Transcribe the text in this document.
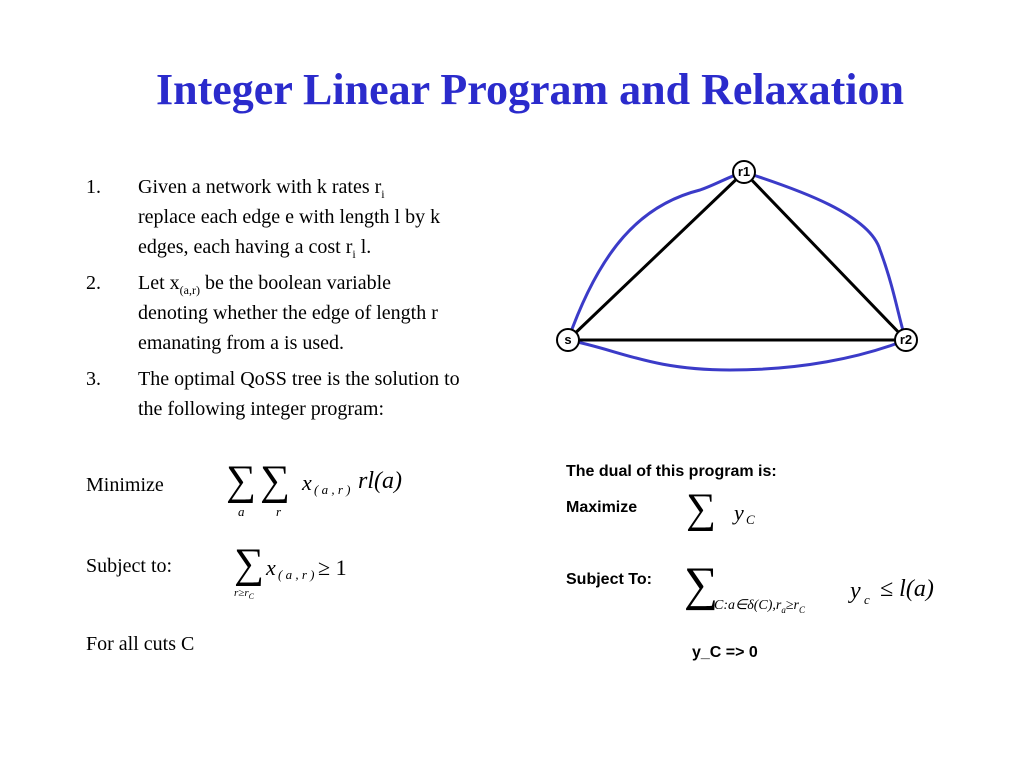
Integer Linear Program and Relaxation
1. Given a network with k rates $r_i$
replace each edge e with length l by k
edges, each having a cost $r_i$ l.
2. Let $x_{(a,r)}$ be the boolean variable
denoting whether the edge of length r
emanating from a is used.
3. The optimal QoSS tree is the solution to
the following integer program:
Minimize ∑ ∑
a r
x ( a , r ) rl(a)
Subject to: ∑
$r\ge r_C$
x ( a , r ) ≥ 1
For all cuts C
The dual of this program is:
Maximize ∑ y C
Subject To: ∑
$C:a\in\delta(C),r_a\ge r_C$
y c ≤ l(a)
y_C => 0
r1
s	r2
